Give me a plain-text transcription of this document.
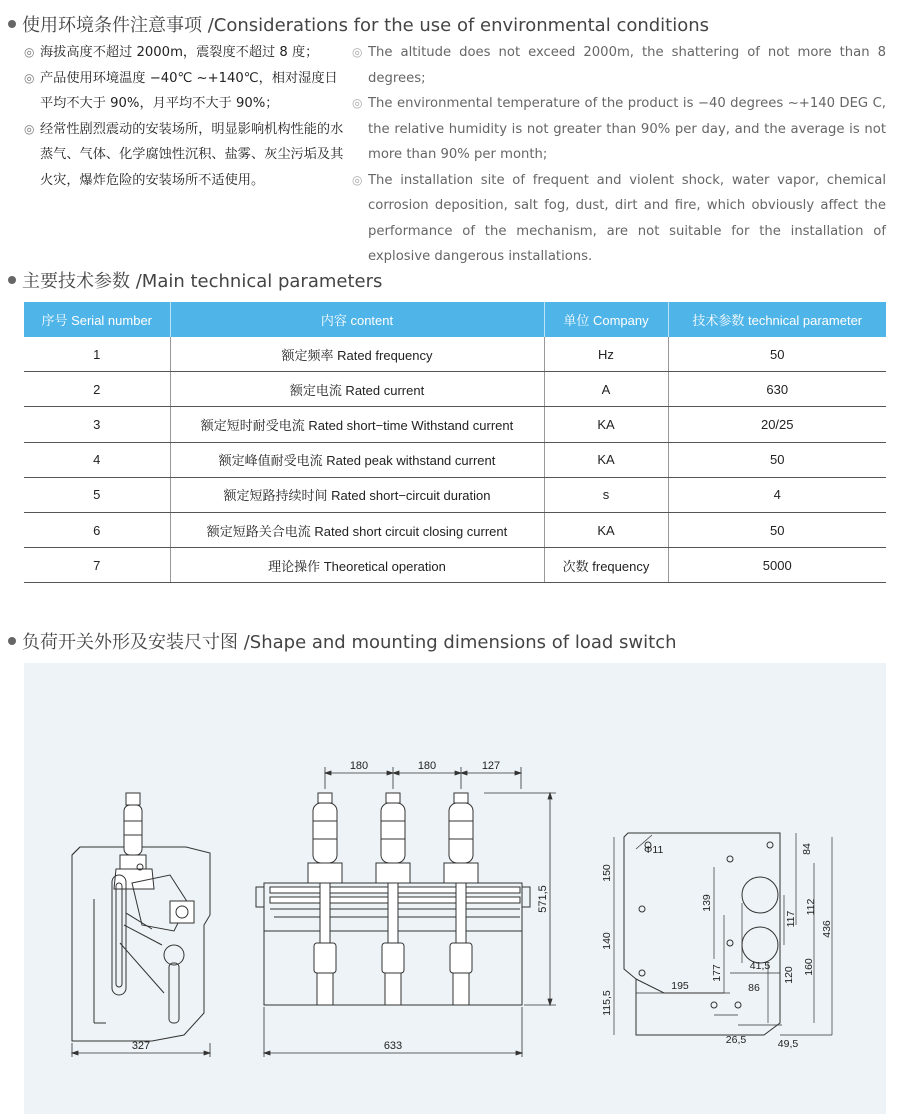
使用环境条件注意事项 /Considerations for the use of environmental conditions
◎ 海拔高度不超过 2000m，震裂度不超过 8 度；
◎ 产品使用环境温度 −40℃ ~+140℃，相对湿度日平均不大于 90%，月平均不大于 90%；
◎ 经常性剧烈震动的安装场所，明显影响机构性能的水蒸气、气体、化学腐蚀性沉积、盐雾、灰尘污垢及其火灾，爆炸危险的安装场所不适使用。
◎ The altitude does not exceed 2000m, the shattering of not more than 8 degrees;
◎ The environmental temperature of the product is −40 degrees ~+140 DEG C, the relative humidity is not greater than 90% per day, and the average is not more than 90% per month;
◎ The installation site of frequent and violent shock, water vapor, chemical corrosion deposition, salt fog, dust, dirt and fire, which obviously affect the performance of the mechanism, are not suitable for the installation of explosive dangerous installations.
主要技术参数 /Main technical parameters
序号 Serial number	内容 content	单位 Company	技术参数 technical parameter
1	额定频率 Rated frequency	Hz	50
2	额定电流 Rated current	A	630
3	额定短时耐受电流 Rated short−time Withstand current	KA	20/25
4	额定峰值耐受电流 Rated peak withstand current	KA	50
5	额定短路持续时间 Rated short−circuit duration	s	4
6	额定短路关合电流 Rated short circuit closing current	KA	50
7	理论操作 Theoretical operation	次数 frequency	5000
负荷开关外形及安装尺寸图 /Shape and mounting dimensions of load switch
327
180	180	127
571,5
633
Φ11
150
140
115,5
139
177
195
41,5
86
120
26,5
84
112
117
160
436
49,5
